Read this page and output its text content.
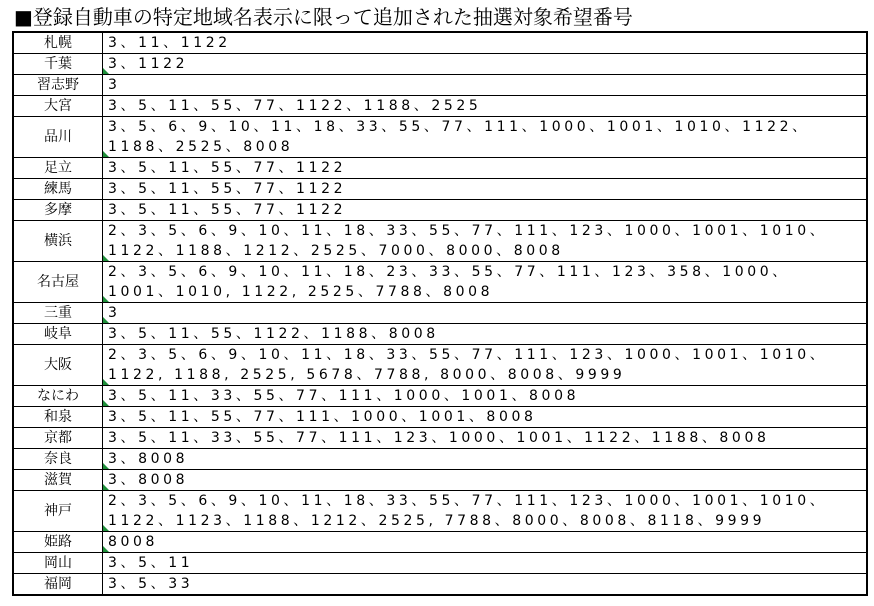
■登録自動車の特定地域名表示に限って追加された抽選対象希望番号
札幌	3、11、1122
千葉	3、1122

習志野	3
大宮	3、5、11、55、77、1122、1188、2525
品川	3、5、6、9、10、11、18、33、55、77、111、1000、1001、1010、1122、
1188、2525、8008

足立	3、5、11、55、77、1122
練馬	3、5、11、55、77、1122
多摩	3、5、11、55、77、1122
横浜	2、3、5、6、9、10、11、18、33、55、77、111、123、1000、1001、1010、
1122、1188、1212、2525、7000、8000、8008

名古屋	2、3、5、6、9、10、11、18、23、33、55、77、111、123、358、1000、
1001、1010, 1122, 2525、7788、8008

三重	3

岐阜	3、5、11、55、1122、1188、8008
大阪	2、3、5、6、9、10、11、18、33、55、77、111、123、1000、1001、1010、
1122, 1188, 2525, 5678、7788, 8000、8008、9999

なにわ	3、5、11、33、55、77、111、1000、1001、8008

和泉	3、5、11、55、77、111、1000、1001、8008
京都	3、5、11、33、55、77、111、123、1000、1001、1122、1188、8008
奈良	3、8008

滋賀	3、8008

神戸	2、3、5、6、9、10、11、18、33、55、77、111、123、1000、1001、1010、
1122、1123、1188、1212、2525, 7788、8000、8008、8118、9999

姫路	8008

岡山	3、5、11
福岡	3、5、33
